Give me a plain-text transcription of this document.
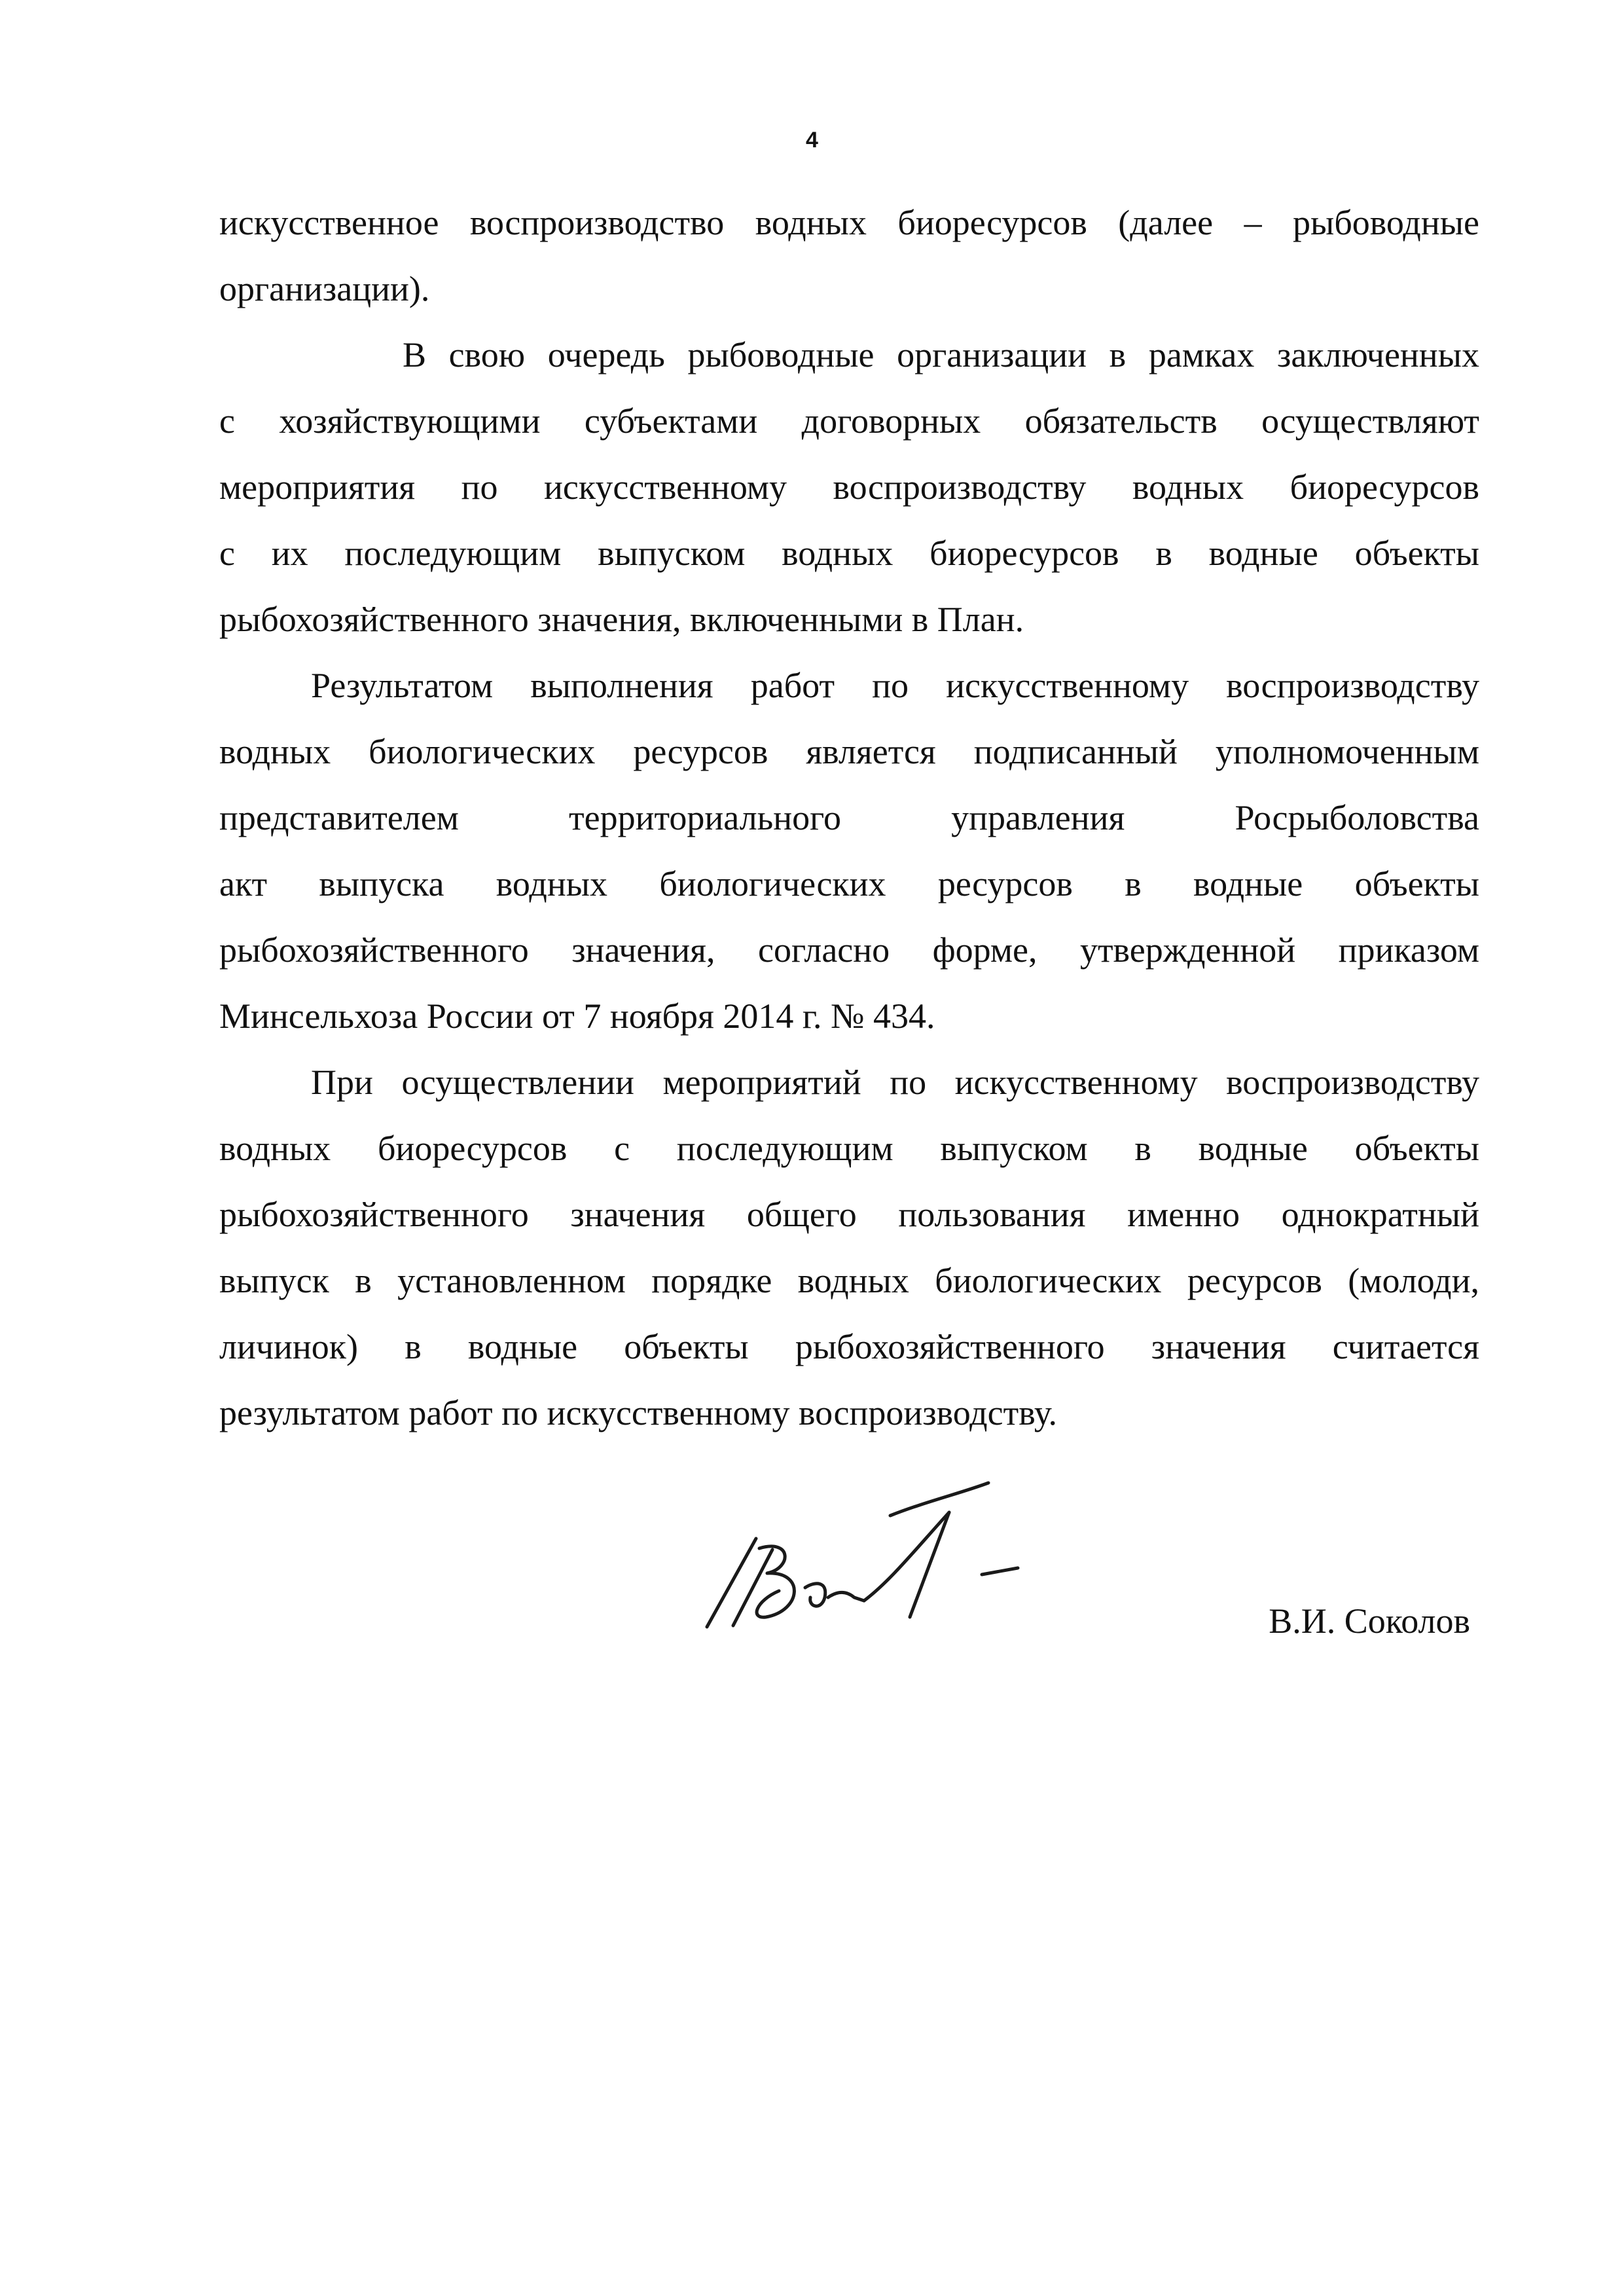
4

искусственное воспроизводство водных биоресурсов (далее – рыбоводные
организации).

В свою очередь рыбоводные организации в рамках заключенных
с хозяйствующими субъектами договорных обязательств осуществляют
мероприятия по искусственному воспроизводству водных биоресурсов
с их последующим выпуском водных биоресурсов в водные объекты
рыбохозяйственного значения, включенными в План.

Результатом выполнения работ по искусственному воспроизводству
водных биологических ресурсов является подписанный уполномоченным
представителем территориального управления Росрыболовства
акт выпуска водных биологических ресурсов в водные объекты
рыбохозяйственного значения, согласно форме, утвержденной приказом
Минсельхоза России от 7 ноября 2014 г. № 434.

При осуществлении мероприятий по искусственному воспроизводству
водных биоресурсов с последующим выпуском в водные объекты
рыбохозяйственного значения общего пользования именно однократный
выпуск в установленном порядке водных биологических ресурсов (молоди,
личинок) в водные объекты рыбохозяйственного значения считается
результатом работ по искусственному воспроизводству.

В.И. Соколов
